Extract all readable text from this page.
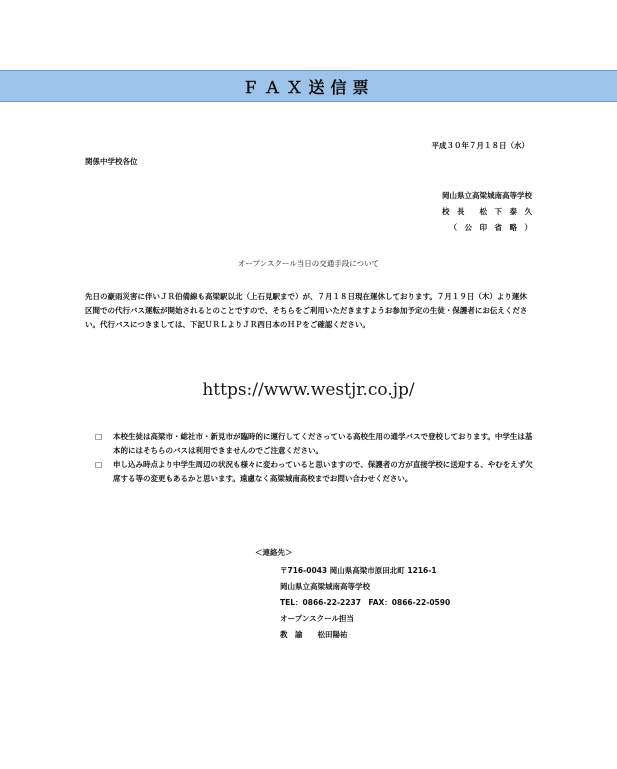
ＦＡＸ送信票
平成３０年７月１８日（水）
関係中学校各位
岡山県立高梁城南高等学校
校　長　　松　下　泰　久
（　公　印　省　略　）
オープンスクール当日の交通手段について

先日の豪雨災害に伴いＪＲ伯備線も高梁駅以北（上石見駅まで）が、７月１８日現在運休しております。７月１９日（木）より運休区間での代行バス運転が開始されるとのことですので、そちらをご利用いただきますようお参加予定の生徒・保護者にお伝えください。代行バスにつきましては、下記ＵＲＬよりＪＲ西日本のＨＰをご確認ください。

https://www.westjr.co.jp/
□	本校生徒は高梁市・総社市・新見市が臨時的に運行してくださっている高校生用の通学バスで登校しております。中学生は基本的にはそちらのバスは利用できませんのでご注意ください。
□	申し込み時点より中学生周辺の状況も様々に変わっていると思いますので、保護者の方が直接学校に送迎する、やむをえず欠席する等の変更もあるかと思います。遠慮なく高梁城南高校までお問い合わせください。
＜連絡先＞
〒716-0043 岡山県高梁市原田北町 1216-1
岡山県立高梁城南高等学校
TEL：0866-22-2237　FAX：0866-22-0590
オープンスクール担当
教　諭　　松田陽祐
